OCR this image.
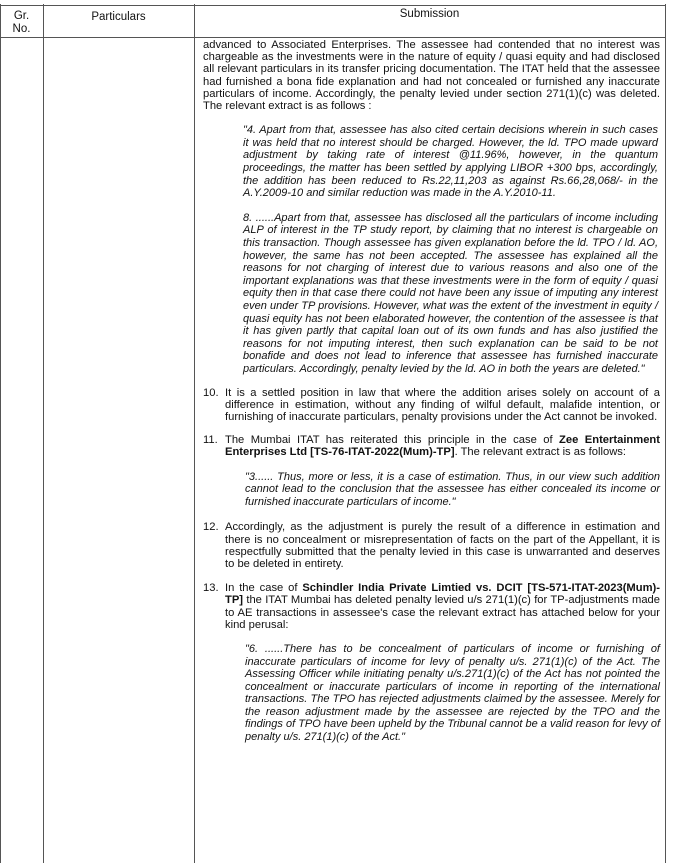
Gr.
No.
Particulars	Submission

advanced to Associated Enterprises. The assessee had contended that no interest was chargeable as the investments were in the nature of equity / quasi equity and had disclosed all relevant particulars in its transfer pricing documentation. The ITAT held that the assessee had furnished a bona fide explanation and had not concealed or furnished any inaccurate particulars of income. Accordingly, the penalty levied under section 271(1)(c) was deleted. The relevant extract is as follows :

"4. Apart from that, assessee has also cited certain decisions wherein in such cases it was held that no interest should be charged. However, the ld. TPO made upward adjustment by taking rate of interest @11.96%, however, in the quantum proceedings, the matter has been settled by applying LIBOR +300 bps, accordingly, the addition has been reduced to Rs.22,11,203 as against Rs.66,28,068/- in the A.Y.2009-10 and similar reduction was made in the A.Y.2010-11.

8. ......Apart from that, assessee has disclosed all the particulars of income including ALP of interest in the TP study report, by claiming that no interest is chargeable on this transaction. Though assessee has given explanation before the ld. TPO / ld. AO, however, the same has not been accepted. The assessee has explained all the reasons for not charging of interest due to various reasons and also one of the important explanations was that these investments were in the form of equity / quasi equity then in that case there could not have been any issue of imputing any interest even under TP provisions. However, what was the extent of the investment in equity / quasi equity has not been elaborated however, the contention of the assessee is that it has given partly that capital loan out of its own funds and has also justified the reasons for not imputing interest, then such explanation can be said to be not bonafide and does not lead to inference that assessee has furnished inaccurate particulars. Accordingly, penalty levied by the ld. AO in both the years are deleted."

10. It is a settled position in law that where the addition arises solely on account of a difference in estimation, without any finding of wilful default, malafide intention, or furnishing of inaccurate particulars, penalty provisions under the Act cannot be invoked.
11. The Mumbai ITAT has reiterated this principle in the case of Zee Entertainment Enterprises Ltd [TS-76-ITAT-2022(Mum)-TP]. The relevant extract is as follows:

"3...... Thus, more or less, it is a case of estimation. Thus, in our view such addition cannot lead to the conclusion that the assessee has either concealed its income or furnished inaccurate particulars of income."

12. Accordingly, as the adjustment is purely the result of a difference in estimation and there is no concealment or misrepresentation of facts on the part of the Appellant, it is respectfully submitted that the penalty levied in this case is unwarranted and deserves to be deleted in entirety.
13. In the case of Schindler India Private Limtied vs. DCIT [TS-571-ITAT-2023(Mum)-TP] the ITAT Mumbai has deleted penalty levied u/s 271(1)(c) for TP-adjustments made to AE transactions in assessee's case the relevant extract has attached below for your kind perusal:

"6. ......There has to be concealment of particulars of income or furnishing of inaccurate particulars of income for levy of penalty u/s. 271(1)(c) of the Act. The Assessing Officer while initiating penalty u/s.271(1)(c) of the Act has not pointed the concealment or inaccurate particulars of income in reporting of the international transactions. The TPO has rejected adjustments claimed by the assessee. Merely for the reason adjustment made by the assessee are rejected by the TPO and the findings of TPO have been upheld by the Tribunal cannot be a valid reason for levy of penalty u/s. 271(1)(c) of the Act."
